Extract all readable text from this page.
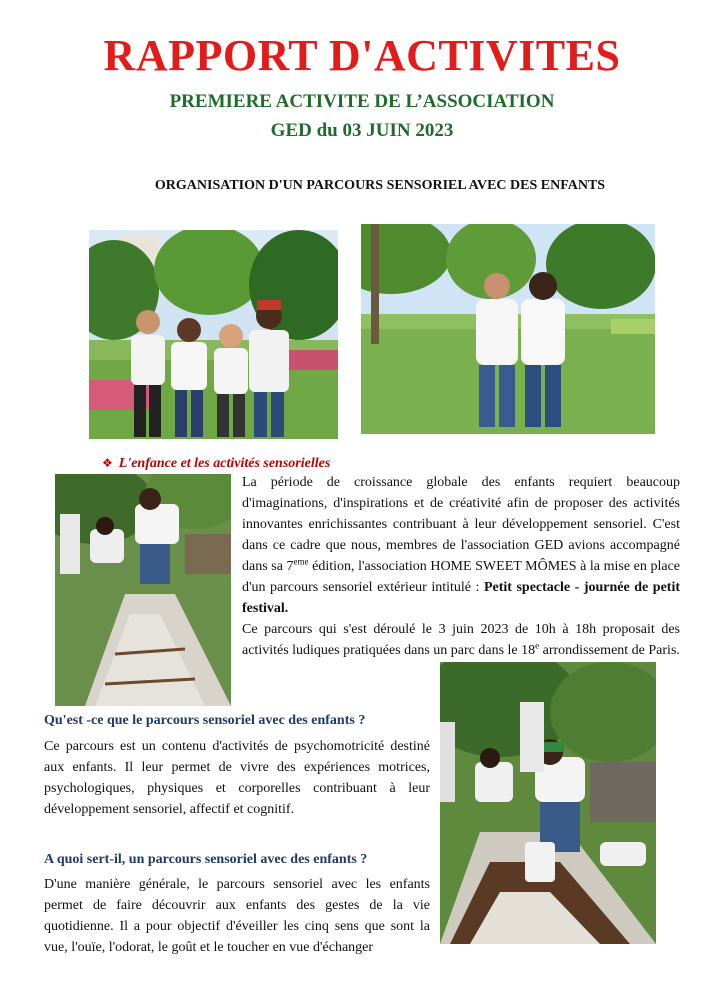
RAPPORT D'ACTIVITES
PREMIERE ACTIVITE DE L’ASSOCIATION
GED du 03 JUIN 2023
ORGANISATION D'UN PARCOURS SENSORIEL AVEC DES ENFANTS
❖ L'enfance et les activités sensorielles
La période de croissance globale des enfants requiert beaucoup d'imaginations, d'inspirations et de créativité afin de proposer des activités innovantes enrichissantes contribuant à leur développement sensoriel. C'est dans ce cadre que nous, membres de l'association GED avions accompagné dans sa 7eme édition, l'association HOME SWEET MÔMES à la mise en place d'un parcours sensoriel extérieur intitulé : Petit spectacle - journée de petit festival.
Ce parcours qui s'est déroulé le 3 juin 2023 de 10h à 18h proposait des activités ludiques pratiquées dans un parc dans le 18e arrondissement de Paris.
Qu'est -ce que le parcours sensoriel avec des enfants ?
Ce parcours est un contenu d'activités de psychomotricité destiné aux enfants. Il leur permet de vivre des expériences motrices, psychologiques, physiques et corporelles contribuant à leur développement sensoriel, affectif et cognitif.
A quoi sert-il, un parcours sensoriel avec des enfants ?
D'une manière générale, le parcours sensoriel avec les enfants permet de faire découvrir aux enfants des gestes de la vie quotidienne. Il a pour objectif d'éveiller les cinq sens que sont la vue, l'ouïe, l'odorat, le goût et le toucher en vue d'échanger
